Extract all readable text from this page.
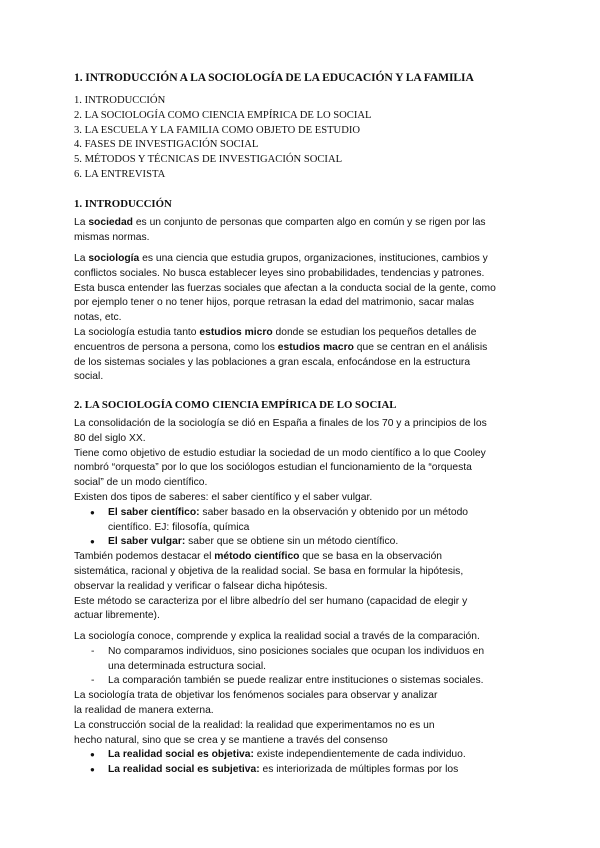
1. INTRODUCCIÓN A LA SOCIOLOGÍA DE LA EDUCACIÓN Y LA FAMILIA
1. INTRODUCCIÓN
2. LA SOCIOLOGÍA COMO CIENCIA EMPÍRICA DE LO SOCIAL
3. LA ESCUELA Y LA FAMILIA COMO OBJETO DE ESTUDIO
4. FASES DE INVESTIGACIÓN SOCIAL
5. MÉTODOS Y TÉCNICAS DE INVESTIGACIÓN SOCIAL
6. LA ENTREVISTA
1. INTRODUCCIÓN
La sociedad es un conjunto de personas que comparten algo en común y se rigen por las
mismas normas.
La sociología es una ciencia que estudia grupos, organizaciones, instituciones, cambios y
conflictos sociales. No busca establecer leyes sino probabilidades, tendencias y patrones.
Esta busca entender las fuerzas sociales que afectan a la conducta social de la gente, como
por ejemplo tener o no tener hijos, porque retrasan la edad del matrimonio, sacar malas
notas, etc.
La sociología estudia tanto estudios micro donde se estudian los pequeños detalles de
encuentros de persona a persona, como los estudios macro que se centran en el análisis
de los sistemas sociales y las poblaciones a gran escala, enfocándose en la estructura
social.
2. LA SOCIOLOGÍA COMO CIENCIA EMPÍRICA DE LO SOCIAL
La consolidación de la sociología se dió en España a finales de los 70 y a principios de los
80 del siglo XX.
Tiene como objetivo de estudio estudiar la sociedad de un modo científico a lo que Cooley
nombró “orquesta” por lo que los sociólogos estudian el funcionamiento de la “orquesta
social” de un modo científico.
Existen dos tipos de saberes: el saber científico y el saber vulgar.
● El saber científico: saber basado en la observación y obtenido por un método
científico. EJ: filosofía, química
● El saber vulgar: saber que se obtiene sin un método científico.
También podemos destacar el método científico que se basa en la observación
sistemática, racional y objetiva de la realidad social. Se basa en formular la hipótesis,
observar la realidad y verificar o falsear dicha hipótesis.
Este método se caracteriza por el libre albedrío del ser humano (capacidad de elegir y
actuar libremente).
La sociología conoce, comprende y explica la realidad social a través de la comparación.
- No comparamos individuos, sino posiciones sociales que ocupan los individuos en
una determinada estructura social.
- La comparación también se puede realizar entre instituciones o sistemas sociales.
La sociología trata de objetivar los fenómenos sociales para observar y analizar
la realidad de manera externa.
La construcción social de la realidad: la realidad que experimentamos no es un
hecho natural, sino que se crea y se mantiene a través del consenso
● La realidad social es objetiva: existe independientemente de cada individuo.
● La realidad social es subjetiva: es interiorizada de múltiples formas por los
